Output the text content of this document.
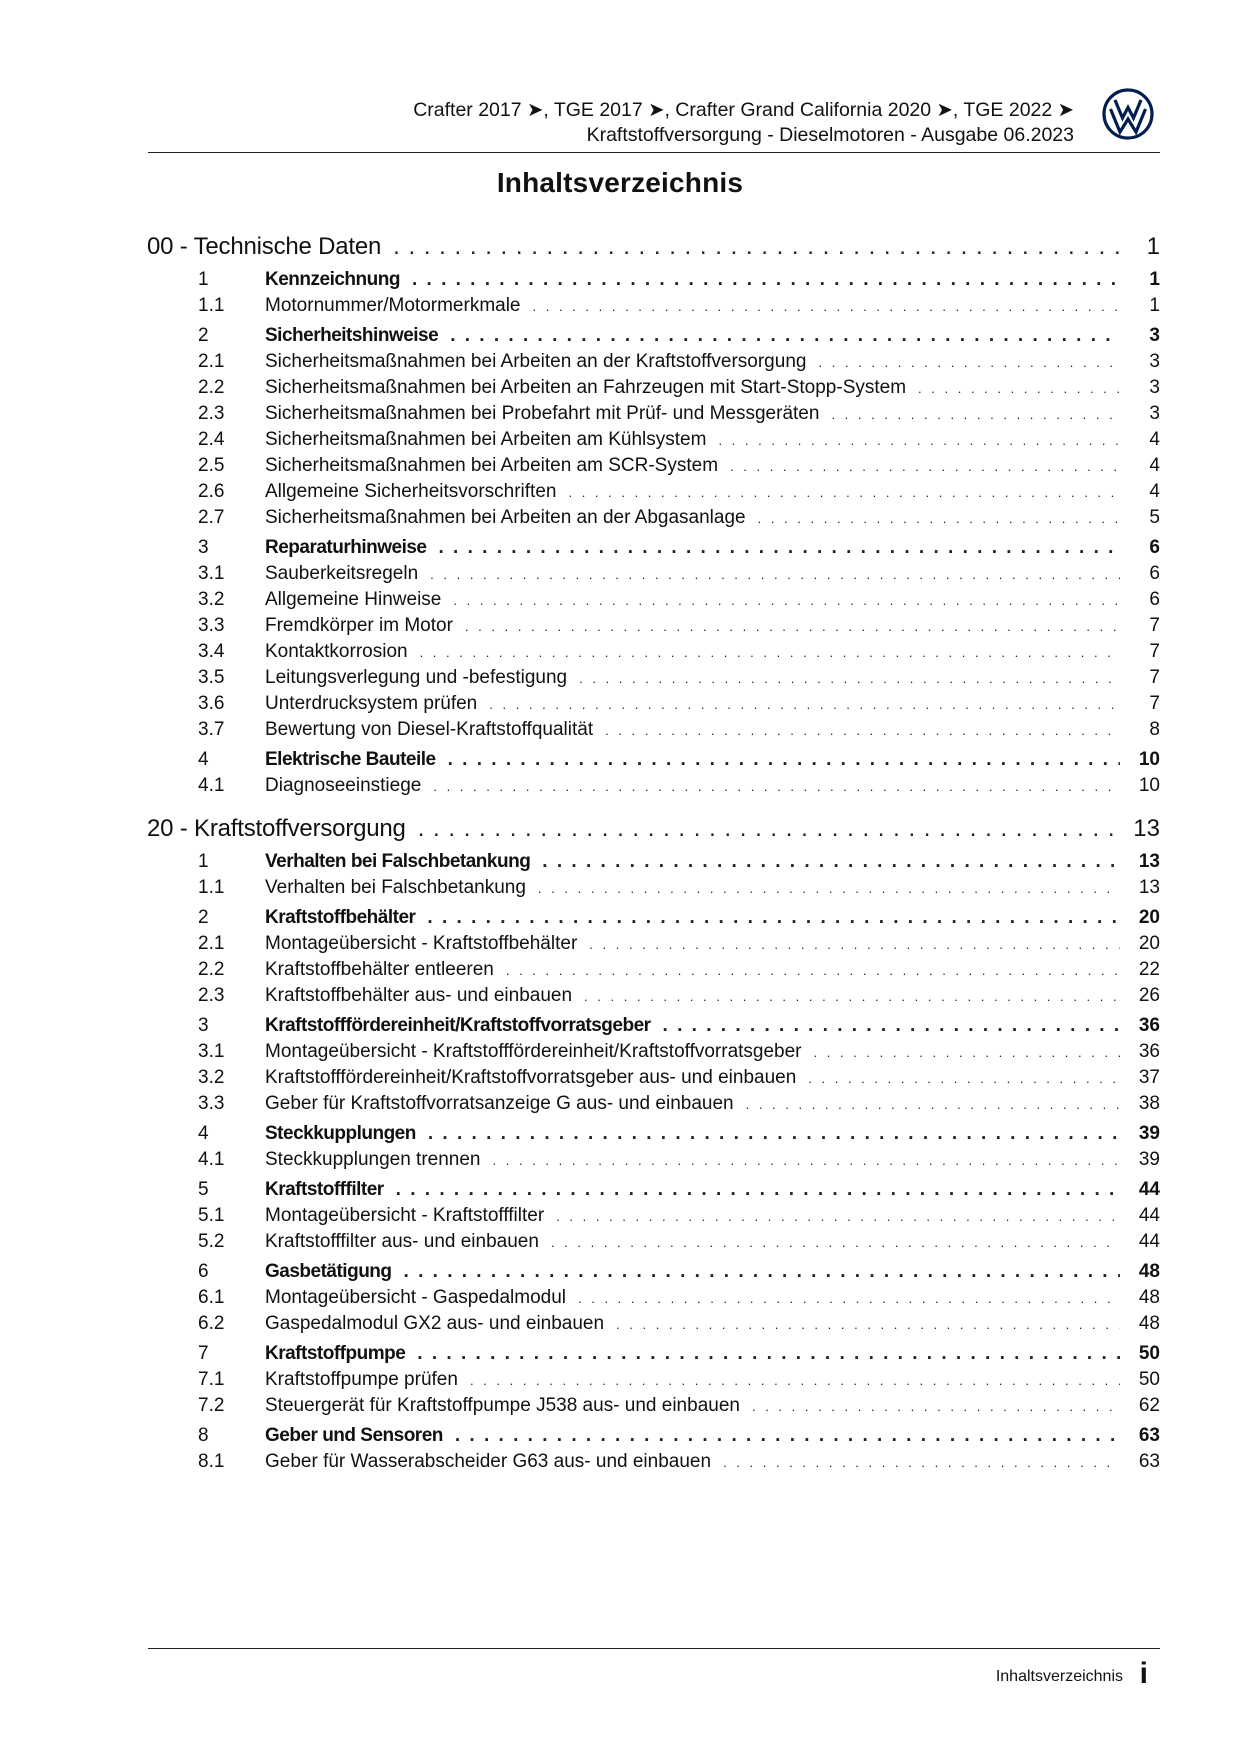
Crafter 2017 ➤, TGE 2017 ➤, Crafter Grand California 2020 ➤, TGE 2022 ➤
Kraftstoffversorgung - Dieselmotoren - Ausgabe 06.2023
Inhaltsverzeichnis
00 - Technische Daten . . .	1
1	Kennzeichnung . . .	1
1.1	Motornummer/Motormerkmale . . .	1
2	Sicherheitshinweise . . .	3
2.1	Sicherheitsmaßnahmen bei Arbeiten an der Kraftstoffversorgung . . .	3
2.2	Sicherheitsmaßnahmen bei Arbeiten an Fahrzeugen mit Start-Stopp-System . . .	3
2.3	Sicherheitsmaßnahmen bei Probefahrt mit Prüf- und Messgeräten . . .	3
2.4	Sicherheitsmaßnahmen bei Arbeiten am Kühlsystem . . .	4
2.5	Sicherheitsmaßnahmen bei Arbeiten am SCR-System . . .	4
2.6	Allgemeine Sicherheitsvorschriften . . .	4
2.7	Sicherheitsmaßnahmen bei Arbeiten an der Abgasanlage . . .	5
3	Reparaturhinweise . . .	6
3.1	Sauberkeitsregeln . . .	6
3.2	Allgemeine Hinweise . . .	6
3.3	Fremdkörper im Motor . . .	7
3.4	Kontaktkorrosion . . .	7
3.5	Leitungsverlegung und -befestigung . . .	7
3.6	Unterdrucksystem prüfen . . .	7
3.7	Bewertung von Diesel-Kraftstoffqualität . . .	8
4	Elektrische Bauteile . . .	10
4.1	Diagnoseeinstiege . . .	10
20 - Kraftstoffversorgung . . .	13
1	Verhalten bei Falschbetankung . . .	13
1.1	Verhalten bei Falschbetankung . . .	13
2	Kraftstoffbehälter . . .	20
2.1	Montageübersicht - Kraftstoffbehälter . . .	20
2.2	Kraftstoffbehälter entleeren . . .	22
2.3	Kraftstoffbehälter aus- und einbauen . . .	26
3	Kraftstofffördereinheit/Kraftstoffvorratsgeber . . .	36
3.1	Montageübersicht - Kraftstofffördereinheit/Kraftstoffvorratsgeber . . .	36
3.2	Kraftstofffördereinheit/Kraftstoffvorratsgeber aus- und einbauen . . .	37
3.3	Geber für Kraftstoffvorratsanzeige G aus- und einbauen . . .	38
4	Steckkupplungen . . .	39
4.1	Steckkupplungen trennen . . .	39
5	Kraftstofffilter . . .	44
5.1	Montageübersicht - Kraftstofffilter . . .	44
5.2	Kraftstofffilter aus- und einbauen . . .	44
6	Gasbetätigung . . .	48
6.1	Montageübersicht - Gaspedalmodul . . .	48
6.2	Gaspedalmodul GX2 aus- und einbauen . . .	48
7	Kraftstoffpumpe . . .	50
7.1	Kraftstoffpumpe prüfen . . .	50
7.2	Steuergerät für Kraftstoffpumpe J538 aus- und einbauen . . .	62
8	Geber und Sensoren . . .	63
8.1	Geber für Wasserabscheider G63 aus- und einbauen . . .	63
Inhaltsverzeichnis i
